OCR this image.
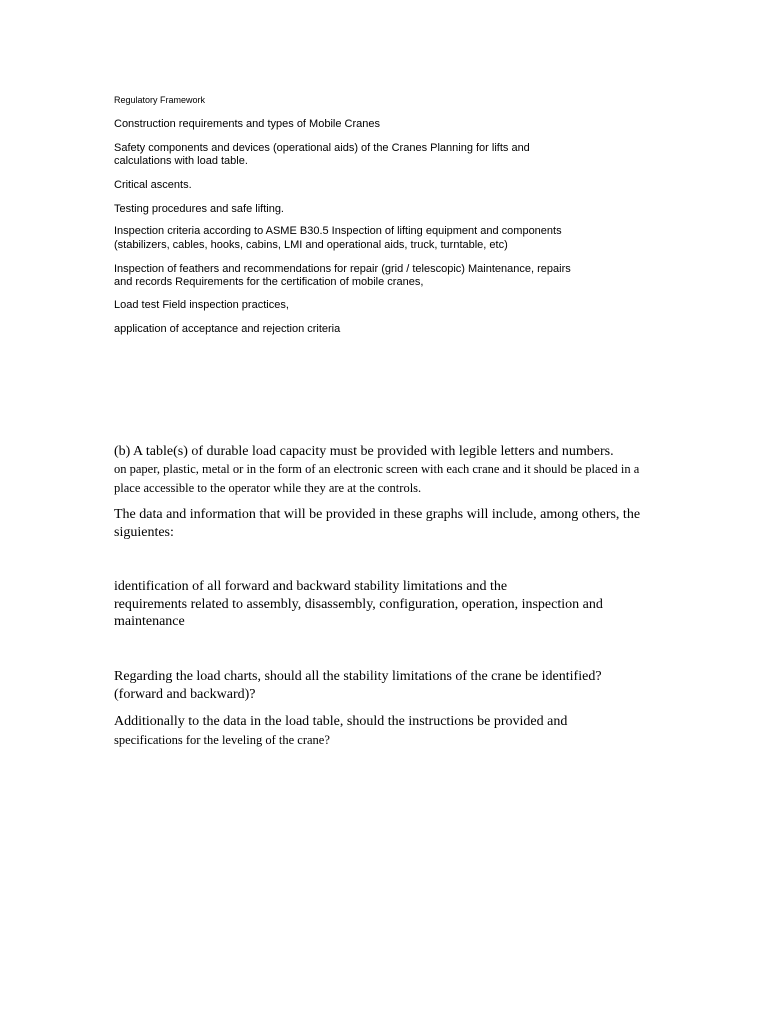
Regulatory Framework

Construction requirements and types of Mobile Cranes

Safety components and devices (operational aids) of the Cranes Planning for lifts and

calculations with load table.

Critical ascents.

Testing procedures and safe lifting.

Inspection criteria according to ASME B30.5 Inspection of lifting equipment and components

(stabilizers, cables, hooks, cabins, LMI and operational aids, truck, turntable, etc)

Inspection of feathers and recommendations for repair (grid / telescopic) Maintenance, repairs

and records Requirements for the certification of mobile cranes,

Load test Field inspection practices,

application of acceptance and rejection criteria

(b) A table(s) of durable load capacity must be provided with legible letters and numbers.

on paper, plastic, metal or in the form of an electronic screen with each crane and it should be placed in a

place accessible to the operator while they are at the controls.

The data and information that will be provided in these graphs will include, among others, the

siguientes:

identification of all forward and backward stability limitations and the

requirements related to assembly, disassembly, configuration, operation, inspection and

maintenance

Regarding the load charts, should all the stability limitations of the crane be identified?

(forward and backward)?

Additionally to the data in the load table, should the instructions be provided and

specifications for the leveling of the crane?
